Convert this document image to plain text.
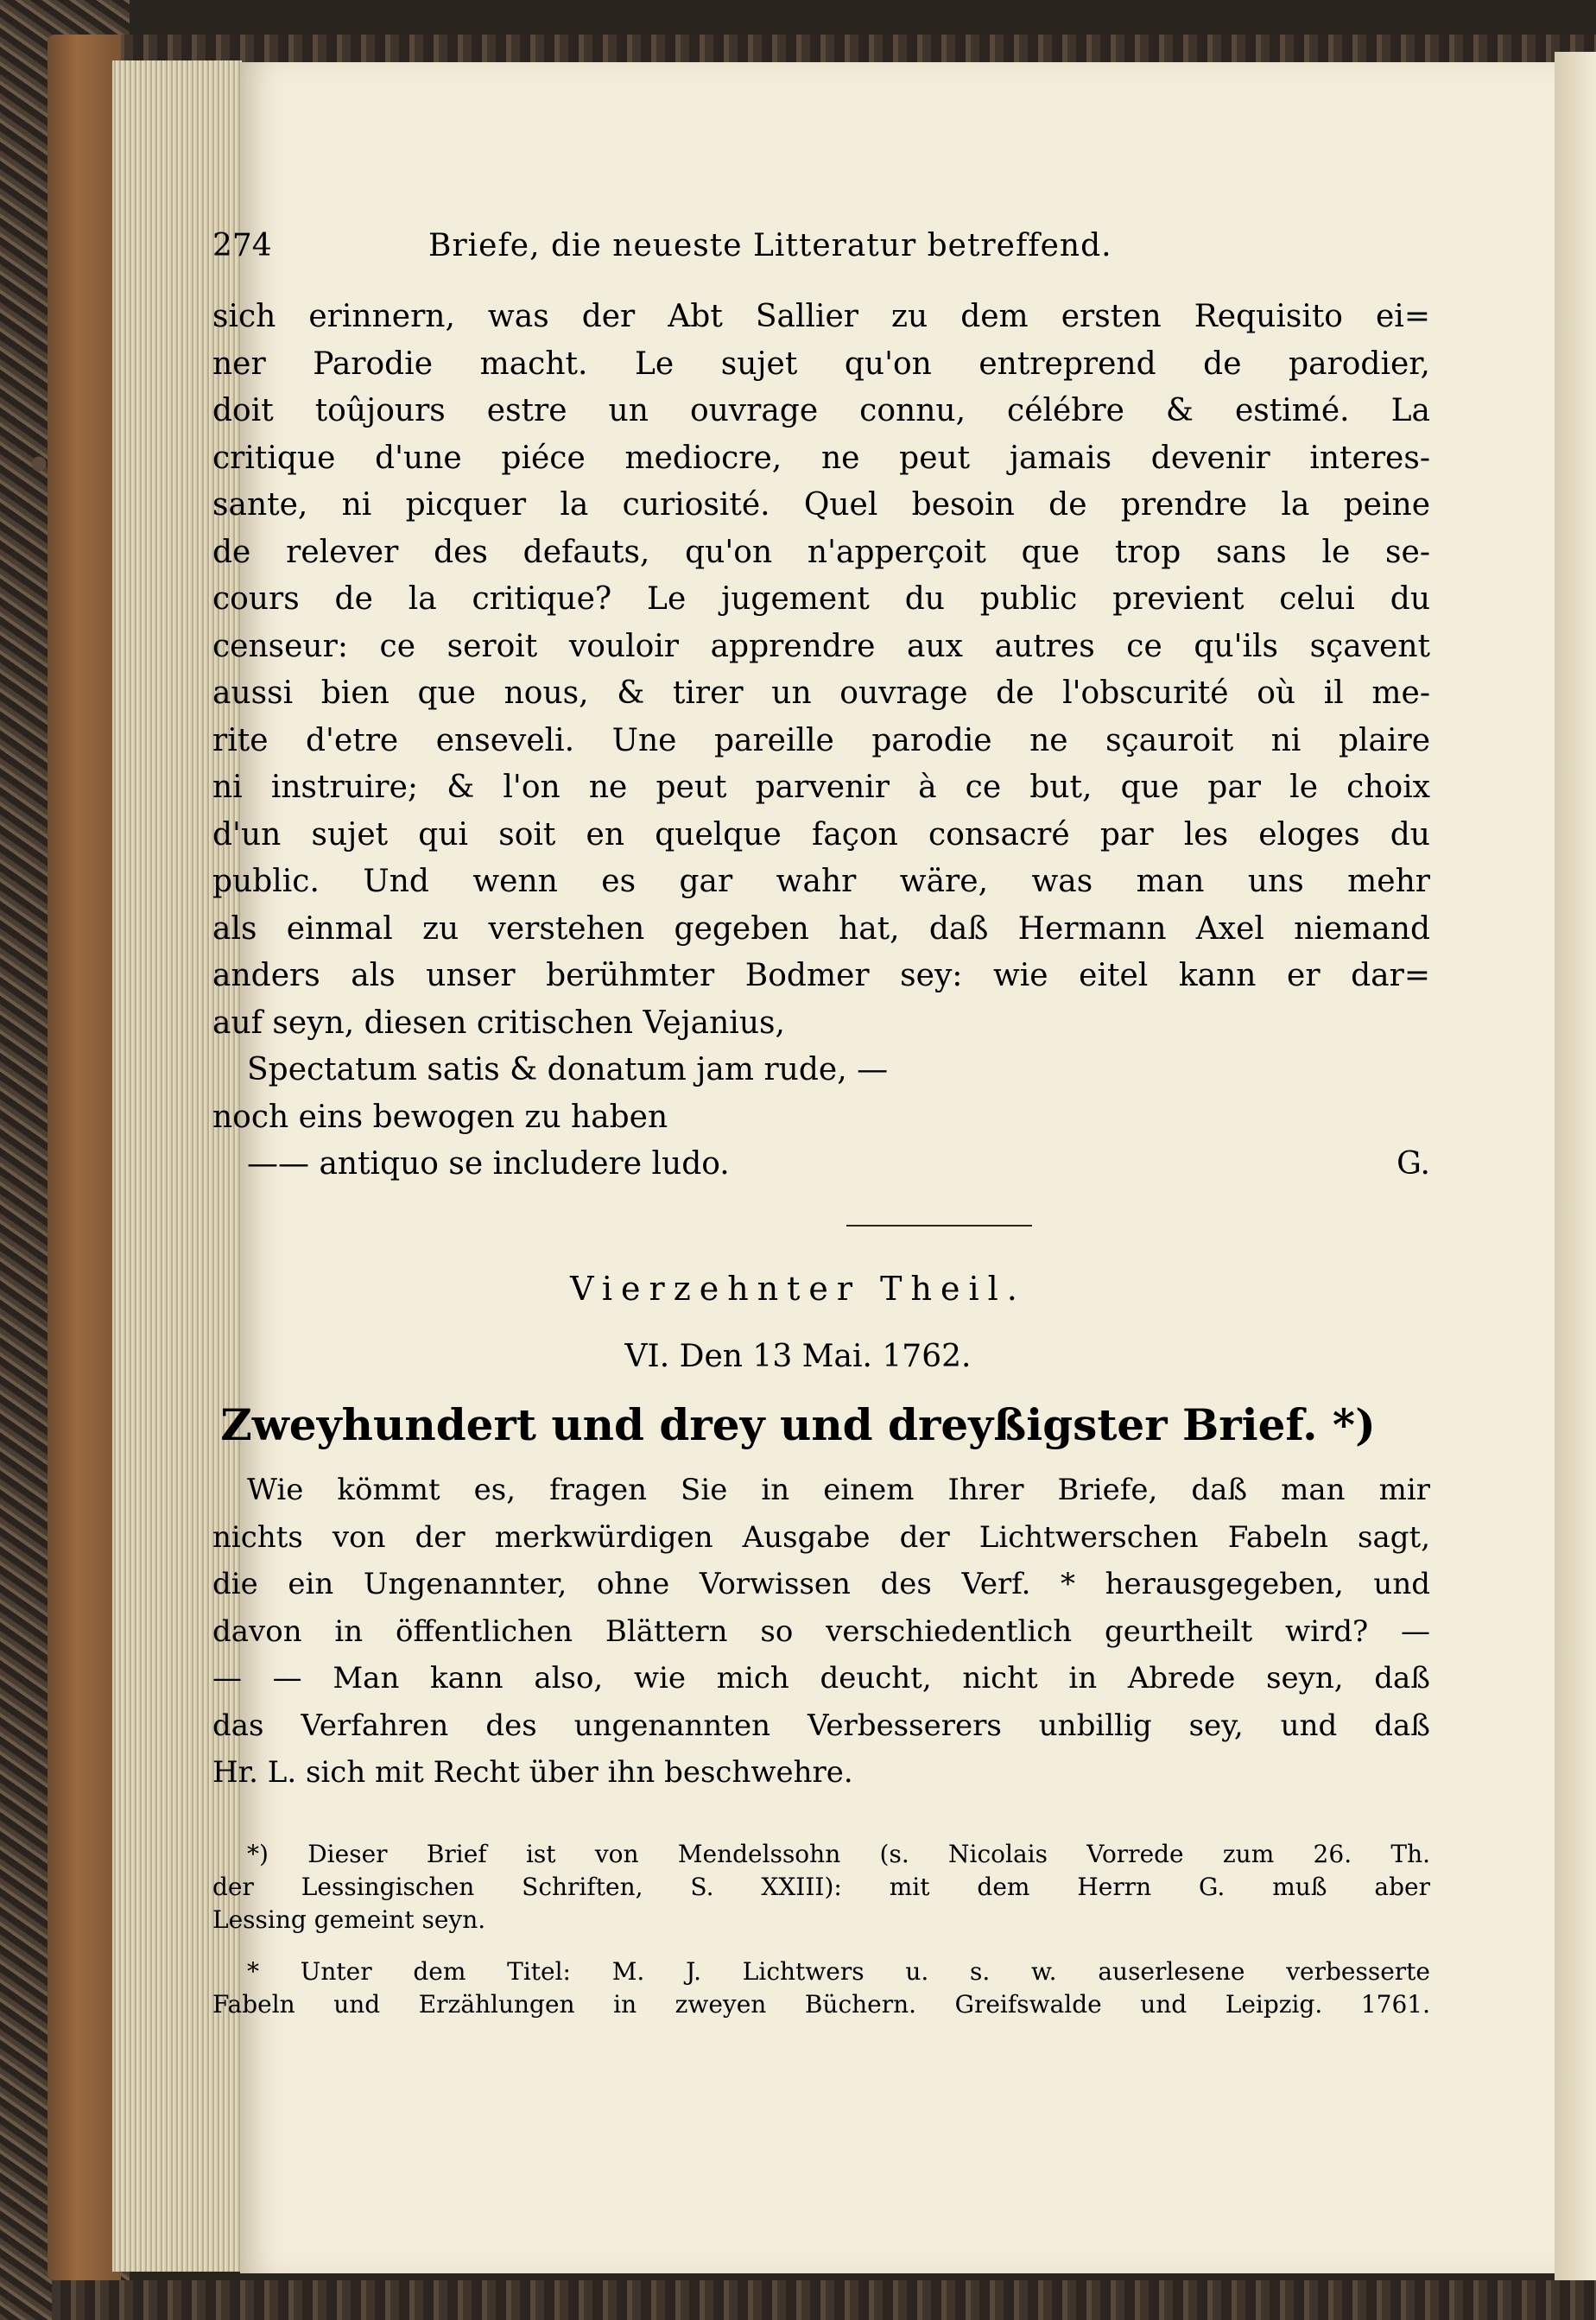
274	Briefe, die neueste Litteratur betreffend.
sich erinnern, was der Abt Sallier zu dem ersten Requisito ei=
ner Parodie macht. Le sujet qu'on entreprend de parodier,
doit toûjours estre un ouvrage connu, célébre & estimé. La
critique d'une piéce mediocre, ne peut jamais devenir interes-
sante, ni picquer la curiosité. Quel besoin de prendre la peine
de relever des defauts, qu'on n'apperçoit que trop sans le se-
cours de la critique? Le jugement du public previent celui du
censeur: ce seroit vouloir apprendre aux autres ce qu'ils sçavent
aussi bien que nous, & tirer un ouvrage de l'obscurité où il me-
rite d'etre enseveli. Une pareille parodie ne sçauroit ni plaire
ni instruire; & l'on ne peut parvenir à ce but, que par le choix
d'un sujet qui soit en quelque façon consacré par les eloges du
public. Und wenn es gar wahr wäre, was man uns mehr
als einmal zu verstehen gegeben hat, daß Hermann Axel niemand
anders als unser berühmter Bodmer sey: wie eitel kann er dar=
auf seyn, diesen critischen Vejanius,
Spectatum satis & donatum jam rude, —
noch eins bewogen zu haben
—— antiquo se includere ludo.	G.
Vierzehnter Theil.
VI. Den 13 Mai. 1762.
Zweyhundert und drey und dreyßigster Brief. *)
Wie kömmt es, fragen Sie in einem Ihrer Briefe, daß man mir
nichts von der merkwürdigen Ausgabe der Lichtwerschen Fabeln sagt,
die ein Ungenannter, ohne Vorwissen des Verf. * herausgegeben, und
davon in öffentlichen Blättern so verschiedentlich geurtheilt wird? —
— — Man kann also, wie mich deucht, nicht in Abrede seyn, daß
das Verfahren des ungenannten Verbesserers unbillig sey, und daß
Hr. L. sich mit Recht über ihn beschwehre.
*) Dieser Brief ist von Mendelssohn (s. Nicolais Vorrede zum 26. Th.
der Lessingischen Schriften, S. XXIII): mit dem Herrn G. muß aber
Lessing gemeint seyn.
* Unter dem Titel: M. J. Lichtwers u. s. w. auserlesene verbesserte
Fabeln und Erzählungen in zweyen Büchern. Greifswalde und Leipzig. 1761.
